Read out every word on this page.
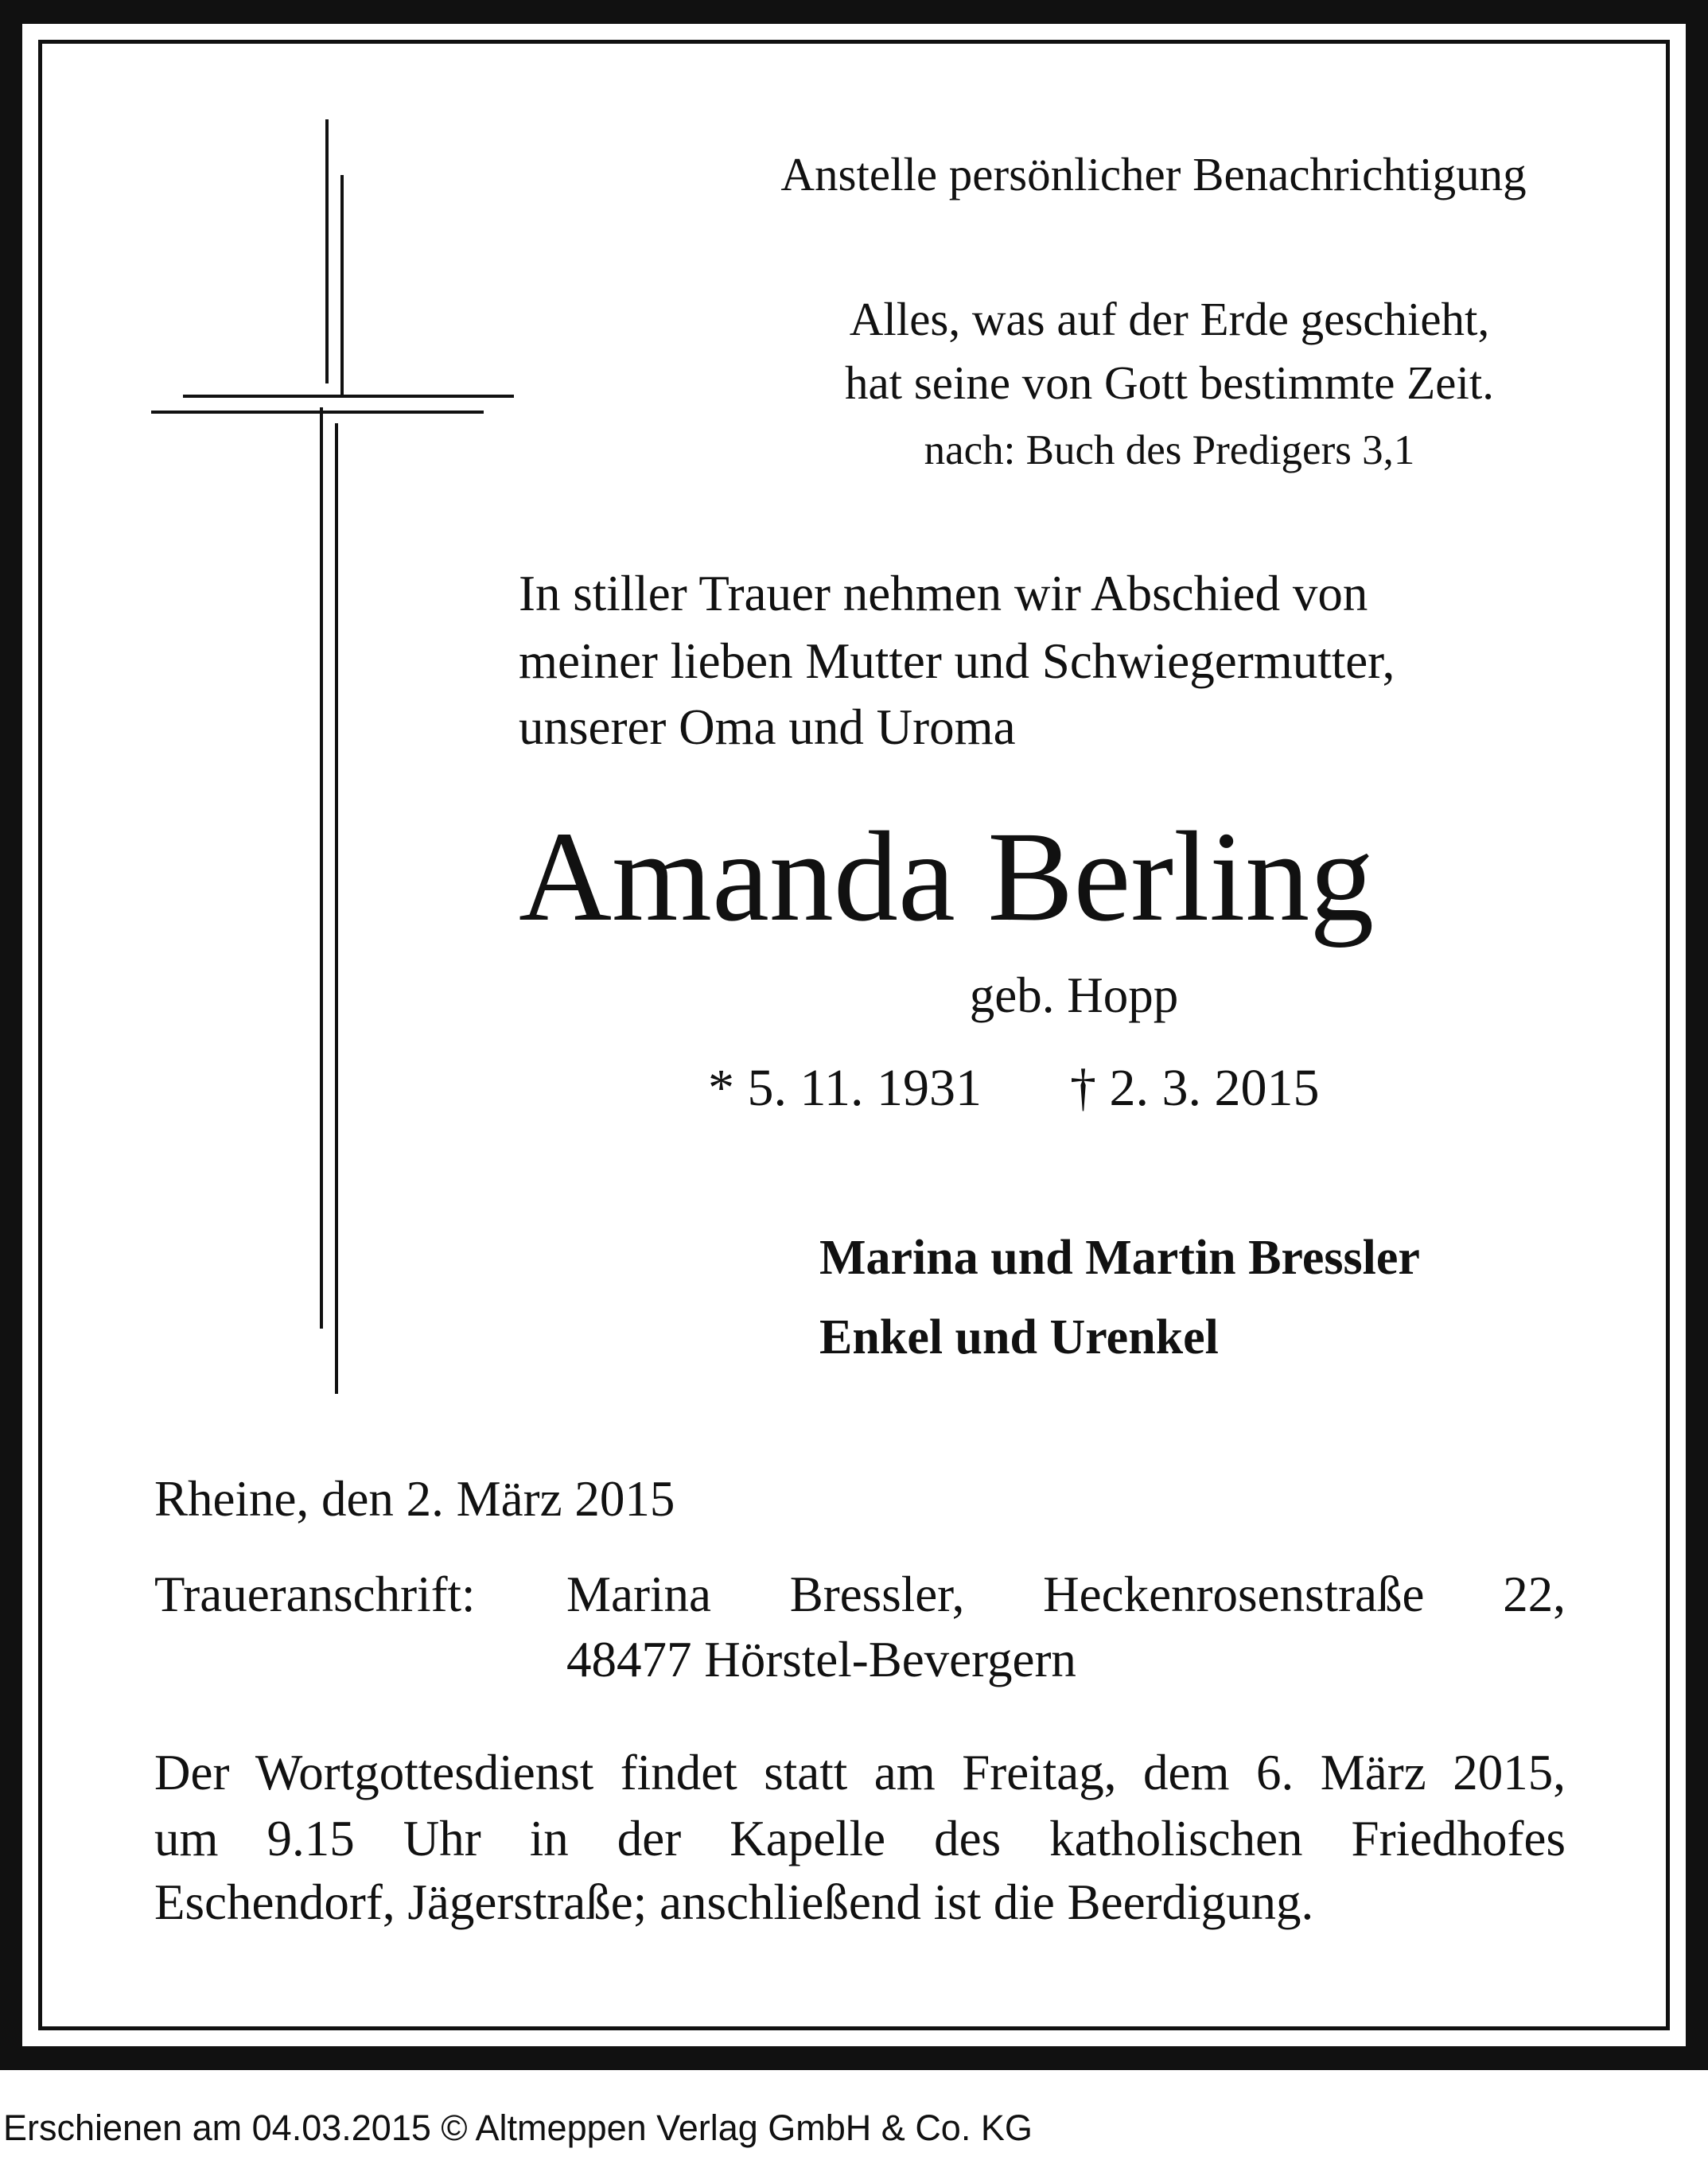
Anstelle persönlicher Benachrichtigung
Alles, was auf der Erde geschieht,
hat seine von Gott bestimmte Zeit.
nach: Buch des Predigers 3,1
In stiller Trauer nehmen wir Abschied von
meiner lieben Mutter und Schwiegermutter,
unserer Oma und Uroma
Amanda Berling
geb. Hopp
* 5. 11. 1931 † 2. 3. 2015
Marina und Martin Bressler
Enkel und Urenkel
Rheine, den 2. März 2015
Traueranschrift: Marina Bressler, Heckenrosenstraße 22,
48477 Hörstel-Bevergern
Der Wortgottesdienst findet statt am Freitag, dem 6. März 2015,
um 9.15 Uhr in der Kapelle des katholischen Friedhofes
Eschendorf, Jägerstraße; anschließend ist die Beerdigung.
Erschienen am 04.03.2015 © Altmeppen Verlag GmbH & Co. KG
